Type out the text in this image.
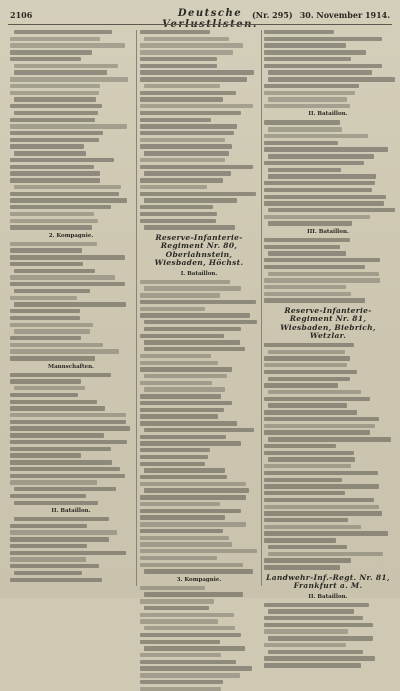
2106	Deutsche	(Nr. 295) 30. November 1914.
2. Kompagnie.
Mannschaften.
II. Bataillon.
Reserve-Infanterie-Regiment Nr. 80, Oberlahnstein, Wiesbaden, Höchst.
I. Bataillon.
3. Kompagnie.
II. Bataillon.
III. Bataillon.
Reserve-Infanterie-Regiment Nr. 81, Wiesbaden, Biebrich, Wetzlar.
Landwehr-Inf.-Regt. Nr. 81, Frankfurt a. M.
II. Bataillon.
